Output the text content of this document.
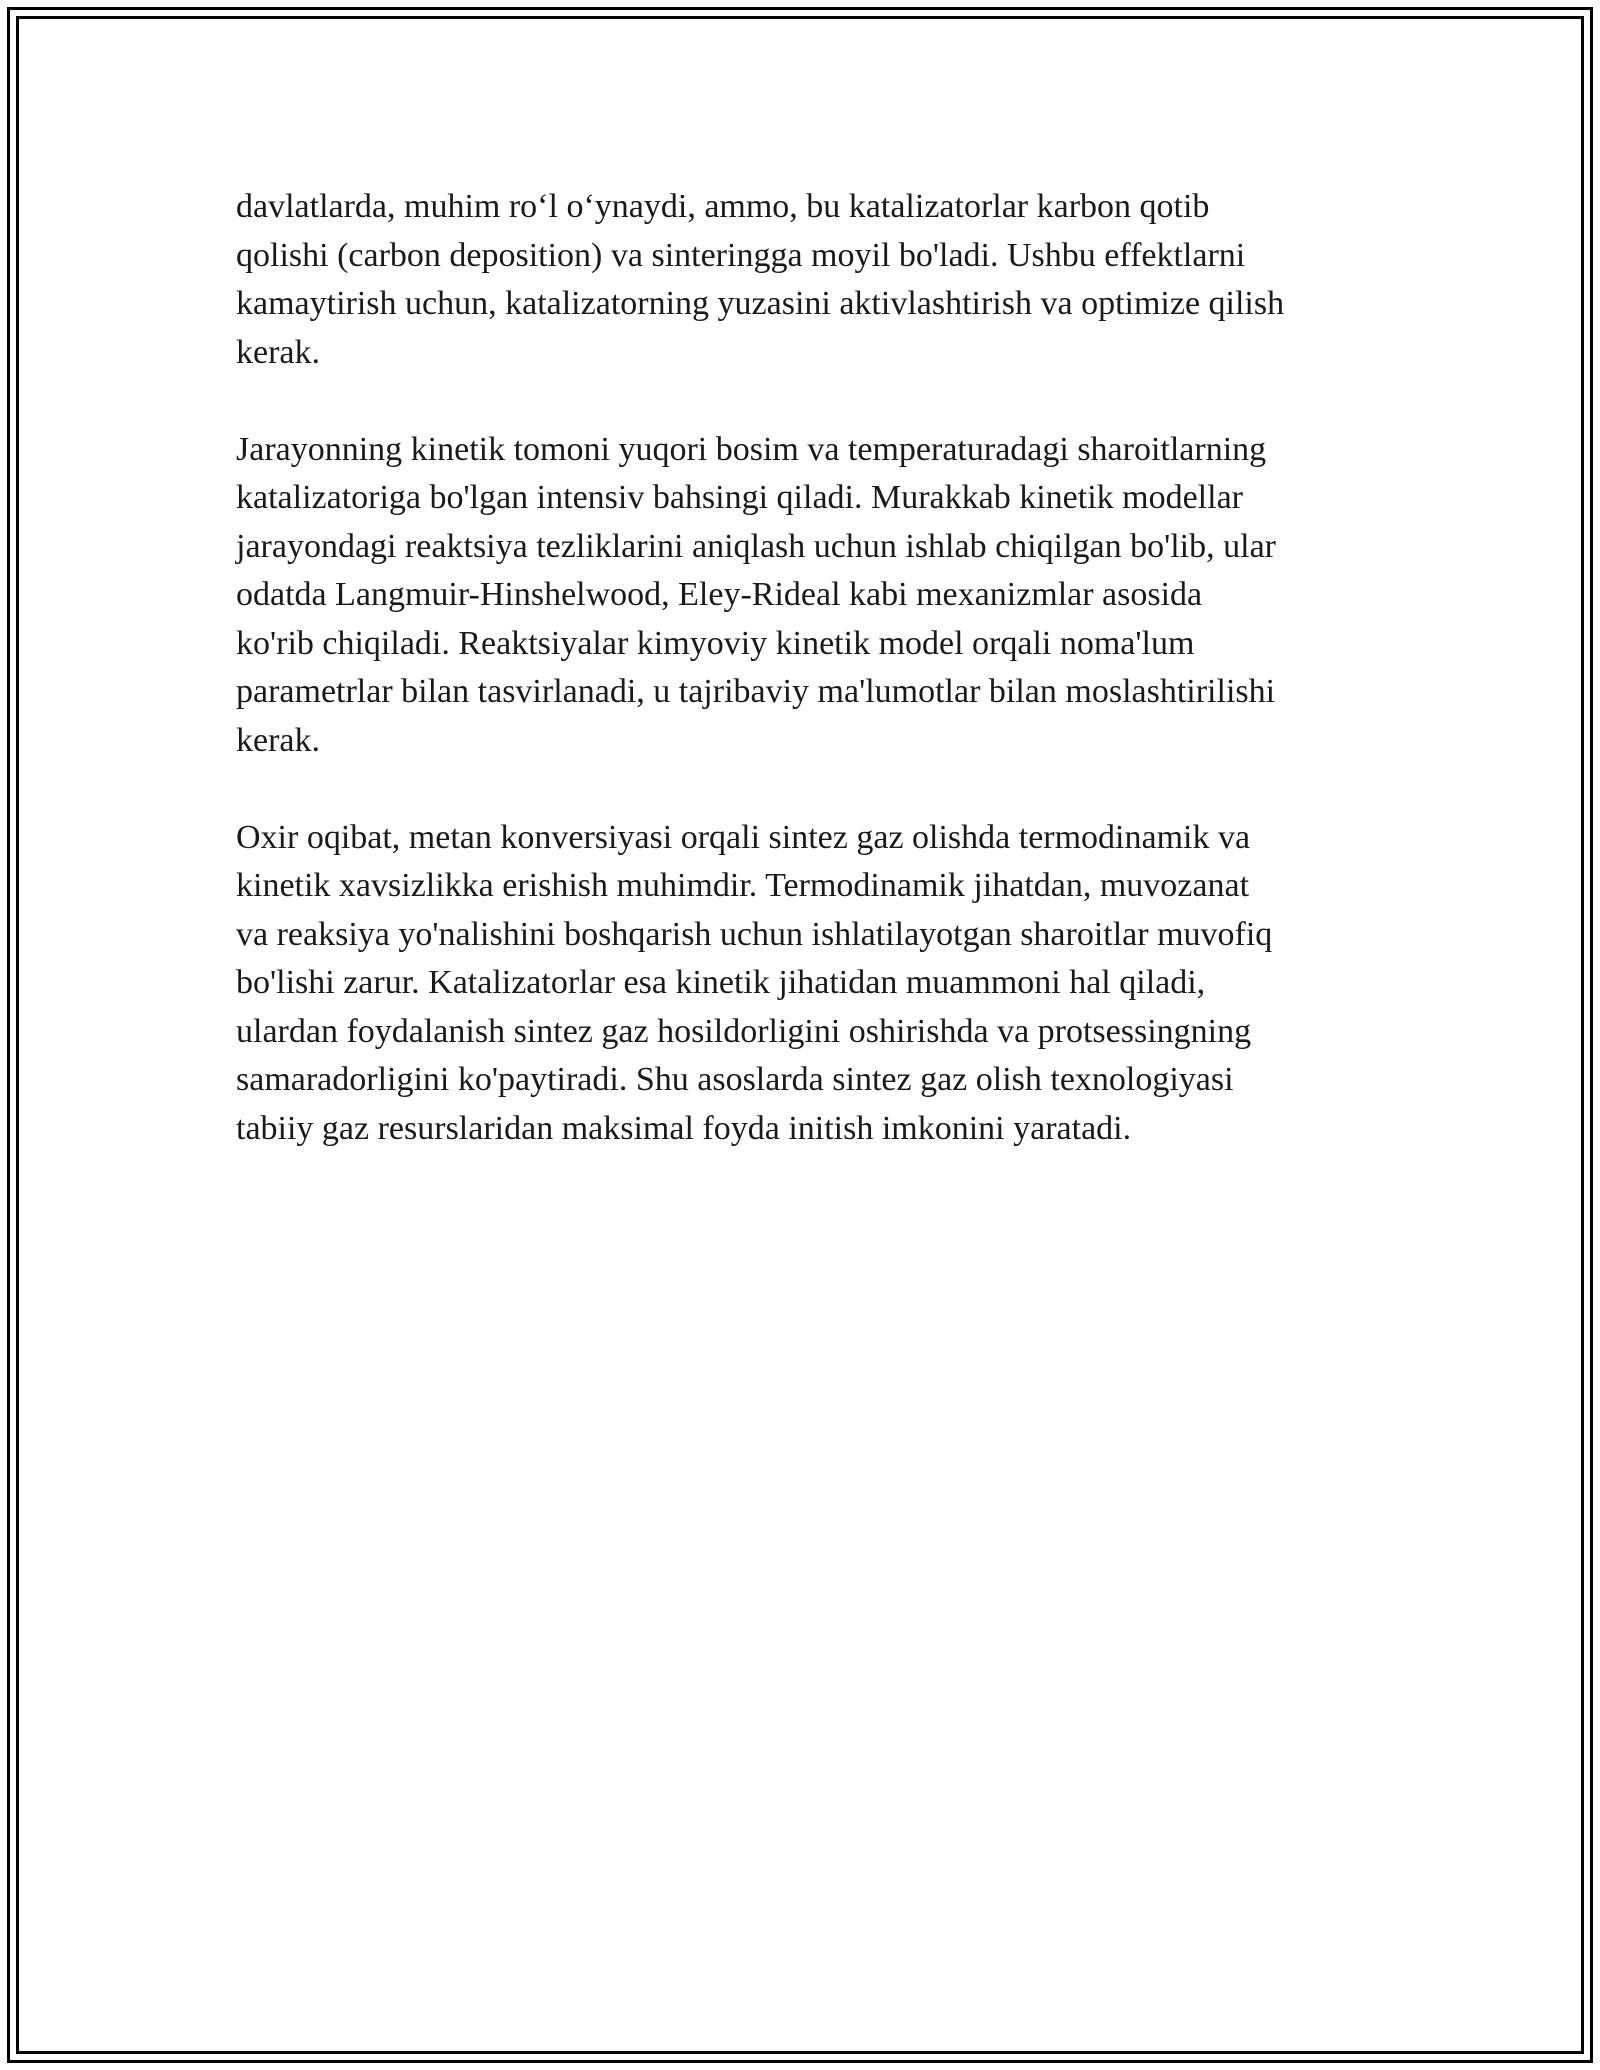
davlatlarda, muhim ro‘l o‘ynaydi, ammo, bu katalizatorlar karbon qotib
qolishi (carbon deposition) va sinteringga moyil bo'ladi. Ushbu effektlarni
kamaytirish uchun, katalizatorning yuzasini aktivlashtirish va optimize qilish
kerak.

Jarayonning kinetik tomoni yuqori bosim va temperaturadagi sharoitlarning
katalizatoriga bo'lgan intensiv bahsingi qiladi. Murakkab kinetik modellar
jarayondagi reaktsiya tezliklarini aniqlash uchun ishlab chiqilgan bo'lib, ular
odatda Langmuir-Hinshelwood, Eley-Rideal kabi mexanizmlar asosida
ko'rib chiqiladi. Reaktsiyalar kimyoviy kinetik model orqali noma'lum
parametrlar bilan tasvirlanadi, u tajribaviy ma'lumotlar bilan moslashtirilishi
kerak.

Oxir oqibat, metan konversiyasi orqali sintez gaz olishda termodinamik va
kinetik xavsizlikka erishish muhimdir. Termodinamik jihatdan, muvozanat
va reaksiya yo'nalishini boshqarish uchun ishlatilayotgan sharoitlar muvofiq
bo'lishi zarur. Katalizatorlar esa kinetik jihatidan muammoni hal qiladi,
ulardan foydalanish sintez gaz hosildorligini oshirishda va protsessingning
samaradorligini ko'paytiradi. Shu asoslarda sintez gaz olish texnologiyasi
tabiiy gaz resurslaridan maksimal foyda initish imkonini yaratadi.
